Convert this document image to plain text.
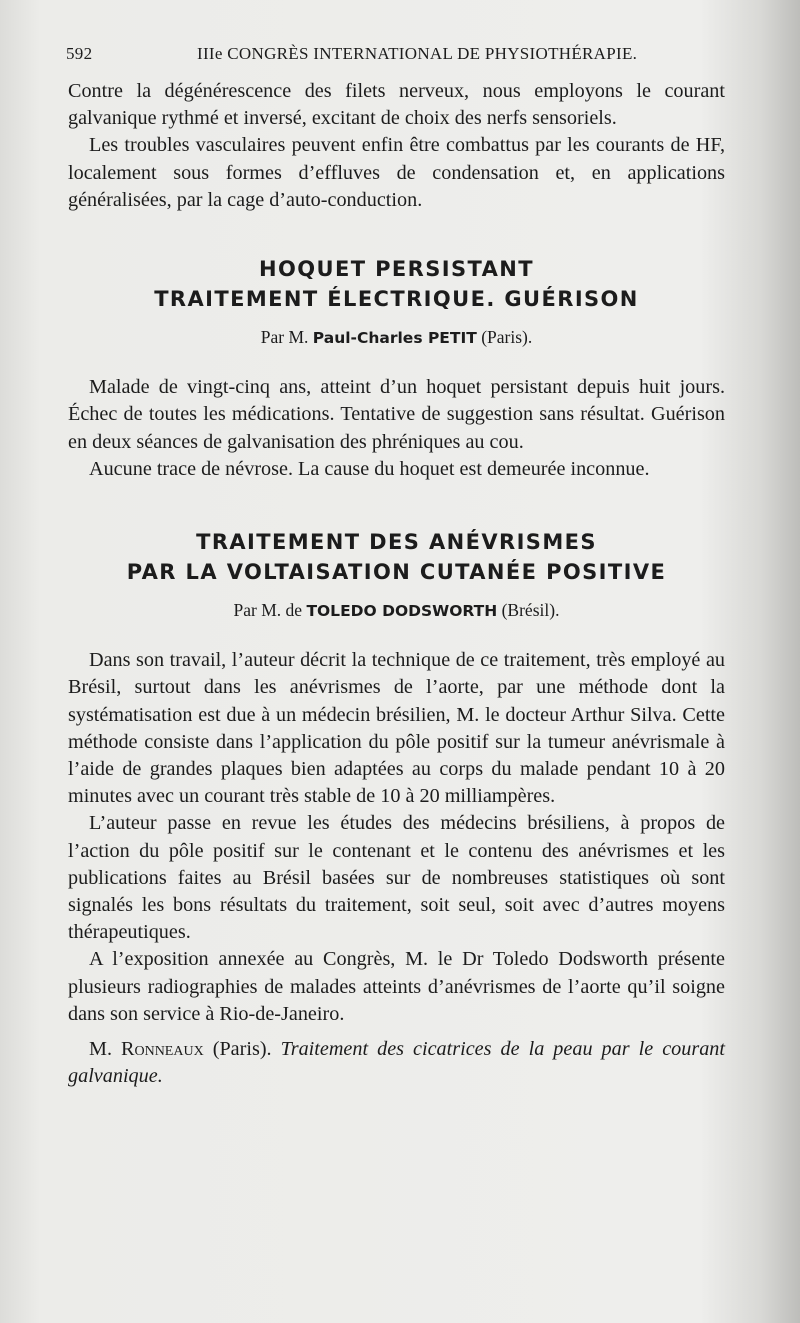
592	IIIe CONGRÈS INTERNATIONAL DE PHYSIOTHÉRAPIE.

Contre la dégénérescence des filets nerveux, nous employons le courant galvanique rythmé et inversé, excitant de choix des nerfs sensoriels.

Les troubles vasculaires peuvent enfin être combattus par les courants de HF, localement sous formes d’effluves de condensation et, en applications généralisées, par la cage d’auto-conduction.

HOQUET PERSISTANT
TRAITEMENT ÉLECTRIQUE. GUÉRISON
Par M. Paul-Charles PETIT (Paris).

Malade de vingt-cinq ans, atteint d’un hoquet persistant depuis huit jours. Échec de toutes les médications. Tentative de suggestion sans résultat. Guérison en deux séances de galvanisation des phréniques au cou.

Aucune trace de névrose. La cause du hoquet est demeurée inconnue.

TRAITEMENT DES ANÉVRISMES
PAR LA VOLTAISATION CUTANÉE POSITIVE
Par M. de TOLEDO DODSWORTH (Brésil).

Dans son travail, l’auteur décrit la technique de ce traitement, très employé au Brésil, surtout dans les anévrismes de l’aorte, par une méthode dont la systématisation est due à un médecin brésilien, M. le docteur Arthur Silva. Cette méthode consiste dans l’application du pôle positif sur la tumeur anévrismale à l’aide de grandes plaques bien adaptées au corps du malade pendant 10 à 20 minutes avec un courant très stable de 10 à 20 milliampères.

L’auteur passe en revue les études des médecins brésiliens, à propos de l’action du pôle positif sur le contenant et le contenu des anévrismes et les publications faites au Brésil basées sur de nombreuses statistiques où sont signalés les bons résultats du traitement, soit seul, soit avec d’autres moyens thérapeutiques.

A l’exposition annexée au Congrès, M. le Dr Toledo Dodsworth présente plusieurs radiographies de malades atteints d’anévrismes de l’aorte qu’il soigne dans son service à Rio-de-Janeiro.

M. Ronneaux (Paris). Traitement des cicatrices de la peau par le courant galvanique.
